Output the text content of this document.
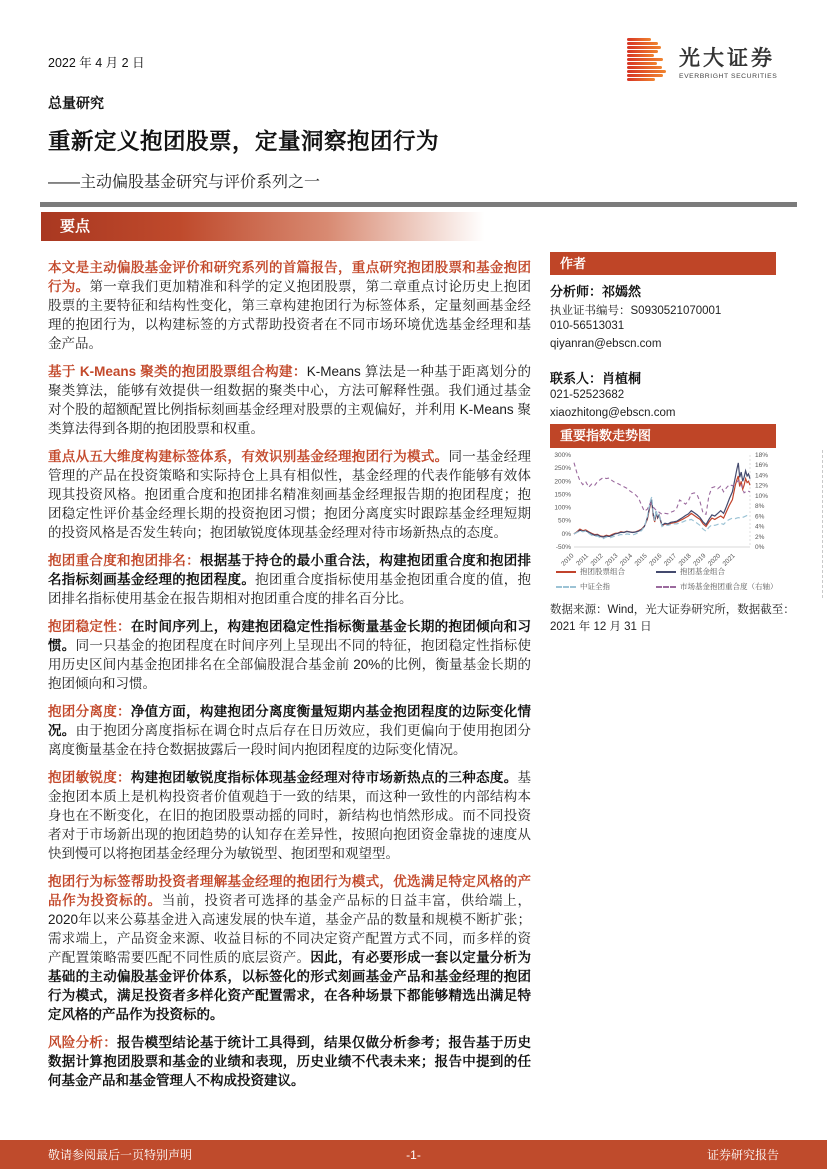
2022 年 4 月 2 日	光大证券
EVERBRIGHT SECURITIES
总量研究
重新定义抱团股票，定量洞察抱团行为
——主动偏股基金研究与评价系列之一
要点

本文是主动偏股基金评价和研究系列的首篇报告，重点研究抱团股票和基金抱团行为。第一章我们更加精准和科学的定义抱团股票，第二章重点讨论历史上抱团股票的主要特征和结构性变化，第三章构建抱团行为标签体系，定量刻画基金经理的抱团行为，以构建标签的方式帮助投资者在不同市场环境优选基金经理和基金产品。

基于 K-Means 聚类的抱团股票组合构建：K-Means 算法是一种基于距离划分的聚类算法，能够有效提供一组数据的聚类中心，方法可解释性强。我们通过基金对个股的超额配置比例指标刻画基金经理对股票的主观偏好，并利用 K-Means 聚类算法得到各期的抱团股票和权重。

重点从五大维度构建标签体系，有效识别基金经理抱团行为模式。同一基金经理管理的产品在投资策略和实际持仓上具有相似性，基金经理的代表作能够有效体现其投资风格。抱团重合度和抱团排名精准刻画基金经理报告期的抱团程度；抱团稳定性评价基金经理长期的投资抱团习惯；抱团分离度实时跟踪基金经理短期的投资风格是否发生转向；抱团敏锐度体现基金经理对待市场新热点的态度。

抱团重合度和抱团排名：根据基于持仓的最小重合法，构建抱团重合度和抱团排名指标刻画基金经理的抱团程度。抱团重合度指标使用基金抱团重合度的值，抱团排名指标使用基金在报告期相对抱团重合度的排名百分比。

抱团稳定性：在时间序列上，构建抱团稳定性指标衡量基金长期的抱团倾向和习惯。同一只基金的抱团程度在时间序列上呈现出不同的特征，抱团稳定性指标使用历史区间内基金抱团排名在全部偏股混合基金前 20%的比例，衡量基金长期的抱团倾向和习惯。

抱团分离度：净值方面，构建抱团分离度衡量短期内基金抱团程度的边际变化情况。由于抱团分离度指标在调仓时点后存在日历效应，我们更偏向于使用抱团分离度衡量基金在持仓数据披露后一段时间内抱团程度的边际变化情况。

抱团敏锐度：构建抱团敏锐度指标体现基金经理对待市场新热点的三种态度。基金抱团本质上是机构投资者价值观趋于一致的结果，而这种一致性的内部结构本身也在不断变化，在旧的抱团股票动摇的同时，新结构也悄然形成。而不同投资者对于市场新出现的抱团趋势的认知存在差异性，按照向抱团资金靠拢的速度从快到慢可以将抱团基金经理分为敏锐型、抱团型和观望型。

抱团行为标签帮助投资者理解基金经理的抱团行为模式，优选满足特定风格的产品作为投资标的。当前，投资者可选择的基金产品标的日益丰富，供给端上，2020年以来公募基金进入高速发展的快车道，基金产品的数量和规模不断扩张；需求端上，产品资金来源、收益目标的不同决定资产配置方式不同，而多样的资产配置策略需要匹配不同性质的底层资产。因此，有必要形成一套以定量分析为基础的主动偏股基金评价体系，以标签化的形式刻画基金产品和基金经理的抱团行为模式，满足投资者多样化资产配置需求，在各种场景下都能够精选出满足特定风格的产品作为投资标的。

风险分析：报告模型结论基于统计工具得到，结果仅做分析参考；报告基于历史数据计算抱团股票和基金的业绩和表现，历史业绩不代表未来；报告中提到的任何基金产品和基金管理人不构成投资建议。

作者
分析师：祁嫣然
执业证书编号：S0930521070001
010-56513031
qiyanran@ebscn.com
联系人：肖植桐
021-52523682
xiaozhitong@ebscn.com
重要指数走势图
300%
250%
200%
150%
100%
50%
0%
-50%
18%
16%
14%
12%
10%
8%
6%
4%
2%
0%
2010 2011 2012 2013 2014 2015 2016 2017 2018 2019 2020 2021
抱团股票组合	抱团基金组合
中证全指	市场基金抱团重合度（右轴）
数据来源：Wind，光大证券研究所，数据截至：2021 年 12 月 31 日
-1-
敬请参阅最后一页特别声明	证券研究报告
